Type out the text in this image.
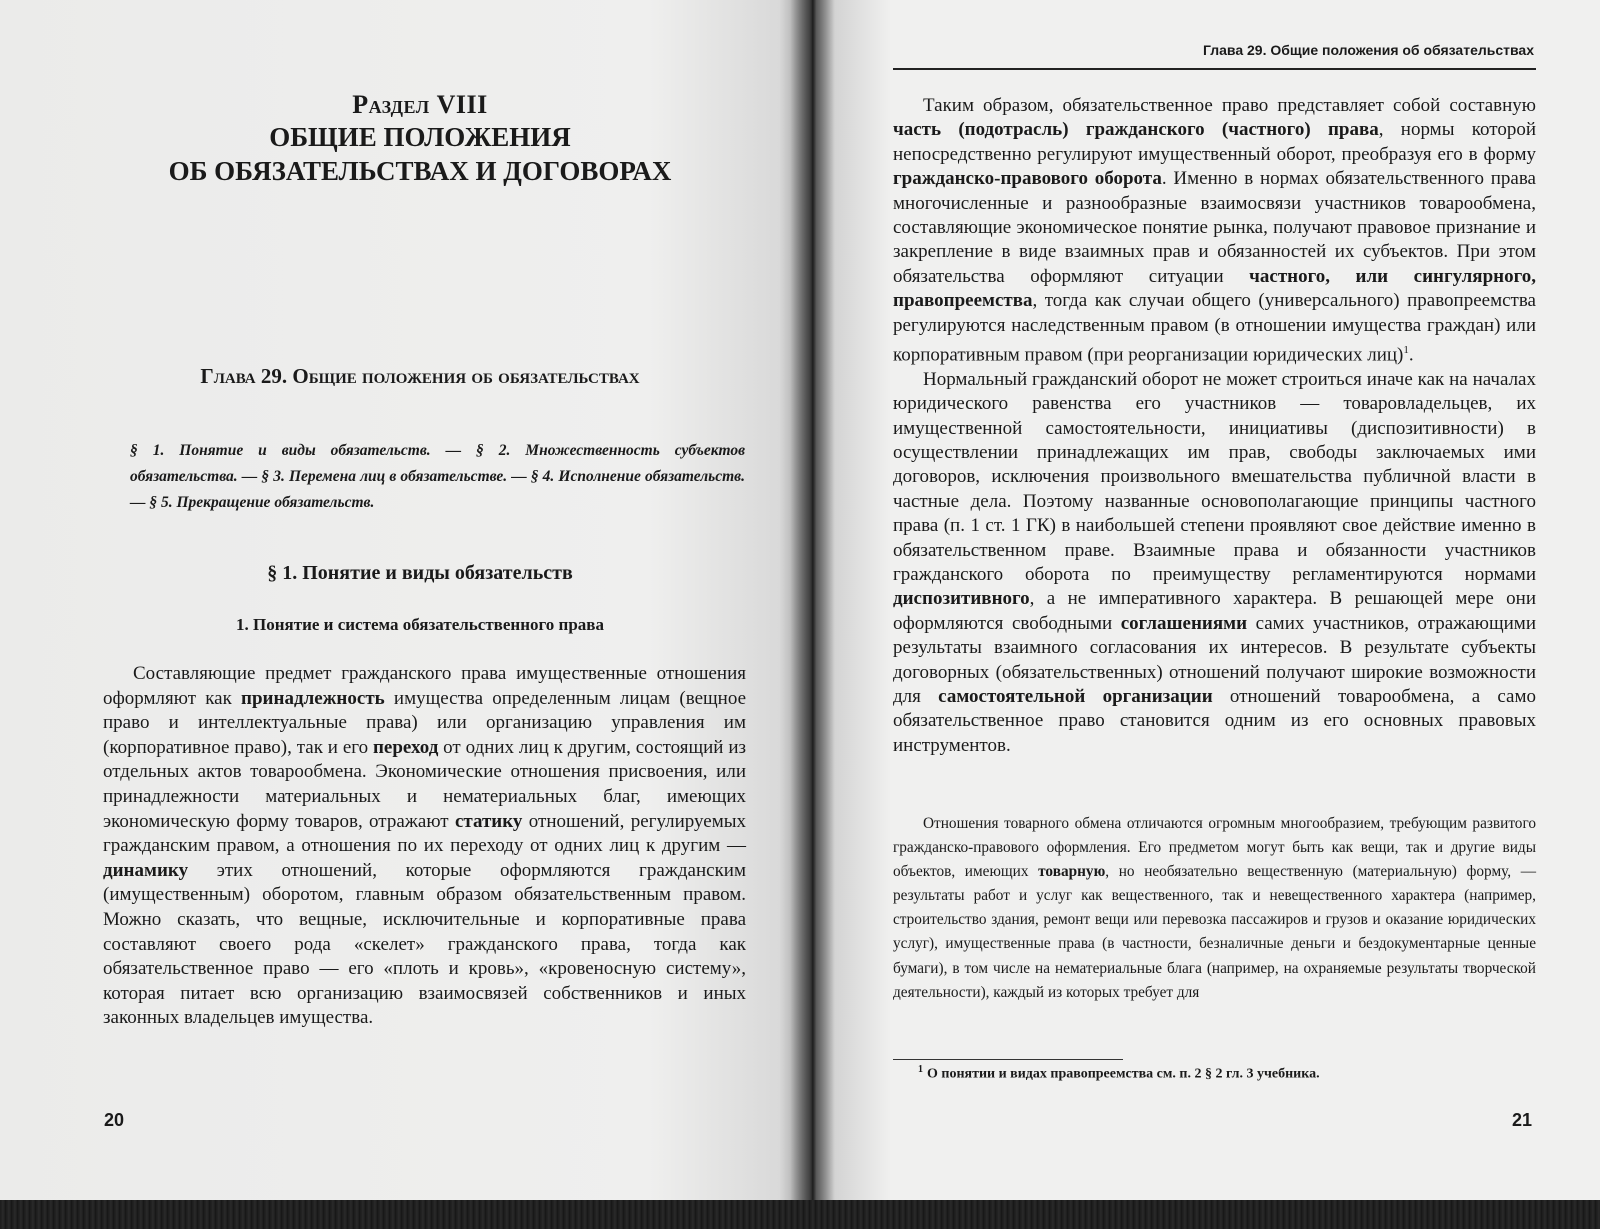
Раздел VIII
ОБЩИЕ ПОЛОЖЕНИЯ
ОБ ОБЯЗАТЕЛЬСТВАХ И ДОГОВОРАХ
Глава 29. Общие положения об обязательствах
§ 1. Понятие и виды обязательств. — § 2. Множественность субъектов обязательства. — § 3. Перемена лиц в обязательстве. — § 4. Исполнение обязательств. — § 5. Прекращение обязательств.
§ 1. Понятие и виды обязательств
1. Понятие и система обязательственного права

Составляющие предмет гражданского права имущественные отношения оформляют как принадлежность имущества определенным лицам (вещное право и интеллектуальные права) или организацию управления им (корпоративное право), так и его переход от одних лиц к другим, состоящий из отдельных актов товарообмена. Экономические отношения присвоения, или принадлежности материальных и нематериальных благ, имеющих экономическую форму товаров, отражают статику отношений, регулируемых гражданским правом, а отношения по их переходу от одних лиц к другим — динамику этих отношений, которые оформляются гражданским (имущественным) оборотом, главным образом обязательственным правом. Можно сказать, что вещные, исключительные и корпоративные права составляют своего рода «скелет» гражданского права, тогда как обязательственное право — его «плоть и кровь», «кровеносную систему», которая питает всю организацию взаимосвязей собственников и иных законных владельцев имущества.

20
Глава 29. Общие положения об обязательствах

Таким образом, обязательственное право представляет собой составную часть (подотрасль) гражданского (частного) права, нормы которой непосредственно регулируют имущественный оборот, преобразуя его в форму гражданско-правового оборота. Именно в нормах обязательственного права многочисленные и разнообразные взаимосвязи участников товарообмена, составляющие экономическое понятие рынка, получают правовое признание и закрепление в виде взаимных прав и обязанностей их субъектов. При этом обязательства оформляют ситуации частного, или сингулярного, правопреемства, тогда как случаи общего (универсального) правопреемства регулируются наследственным правом (в отношении имущества граждан) или корпоративным правом (при реорганизации юридических лиц)$^1$.

Нормальный гражданский оборот не может строиться иначе как на началах юридического равенства его участников — товаровладельцев, их имущественной самостоятельности, инициативы (диспозитивности) в осуществлении принадлежащих им прав, свободы заключаемых ими договоров, исключения произвольного вмешательства публичной власти в частные дела. Поэтому названные основополагающие принципы частного права (п. 1 ст. 1 ГК) в наибольшей степени проявляют свое действие именно в обязательственном праве. Взаимные права и обязанности участников гражданского оборота по преимуществу регламентируются нормами диспозитивного, а не императивного характера. В решающей мере они оформляются свободными соглашениями самих участников, отражающими результаты взаимного согласования их интересов. В результате субъекты договорных (обязательственных) отношений получают широкие возможности для самостоятельной организации отношений товарообмена, а само обязательственное право становится одним из его основных правовых инструментов.

Отношения товарного обмена отличаются огромным многообразием, требующим развитого гражданско-правового оформления. Его предметом могут быть как вещи, так и другие виды объектов, имеющих товарную, но необязательно вещественную (материальную) форму, — результаты работ и услуг как вещественного, так и невещественного характера (например, строительство здания, ремонт вещи или перевозка пассажиров и грузов и оказание юридических услуг), имущественные права (в частности, безналичные деньги и бездокументарные ценные бумаги), в том числе на нематериальные блага (например, на охраняемые результаты творческой деятельности), каждый из которых требует для

$^1$ О понятии и видах правопреемства см. п. 2 § 2 гл. 3 учебника.
21
